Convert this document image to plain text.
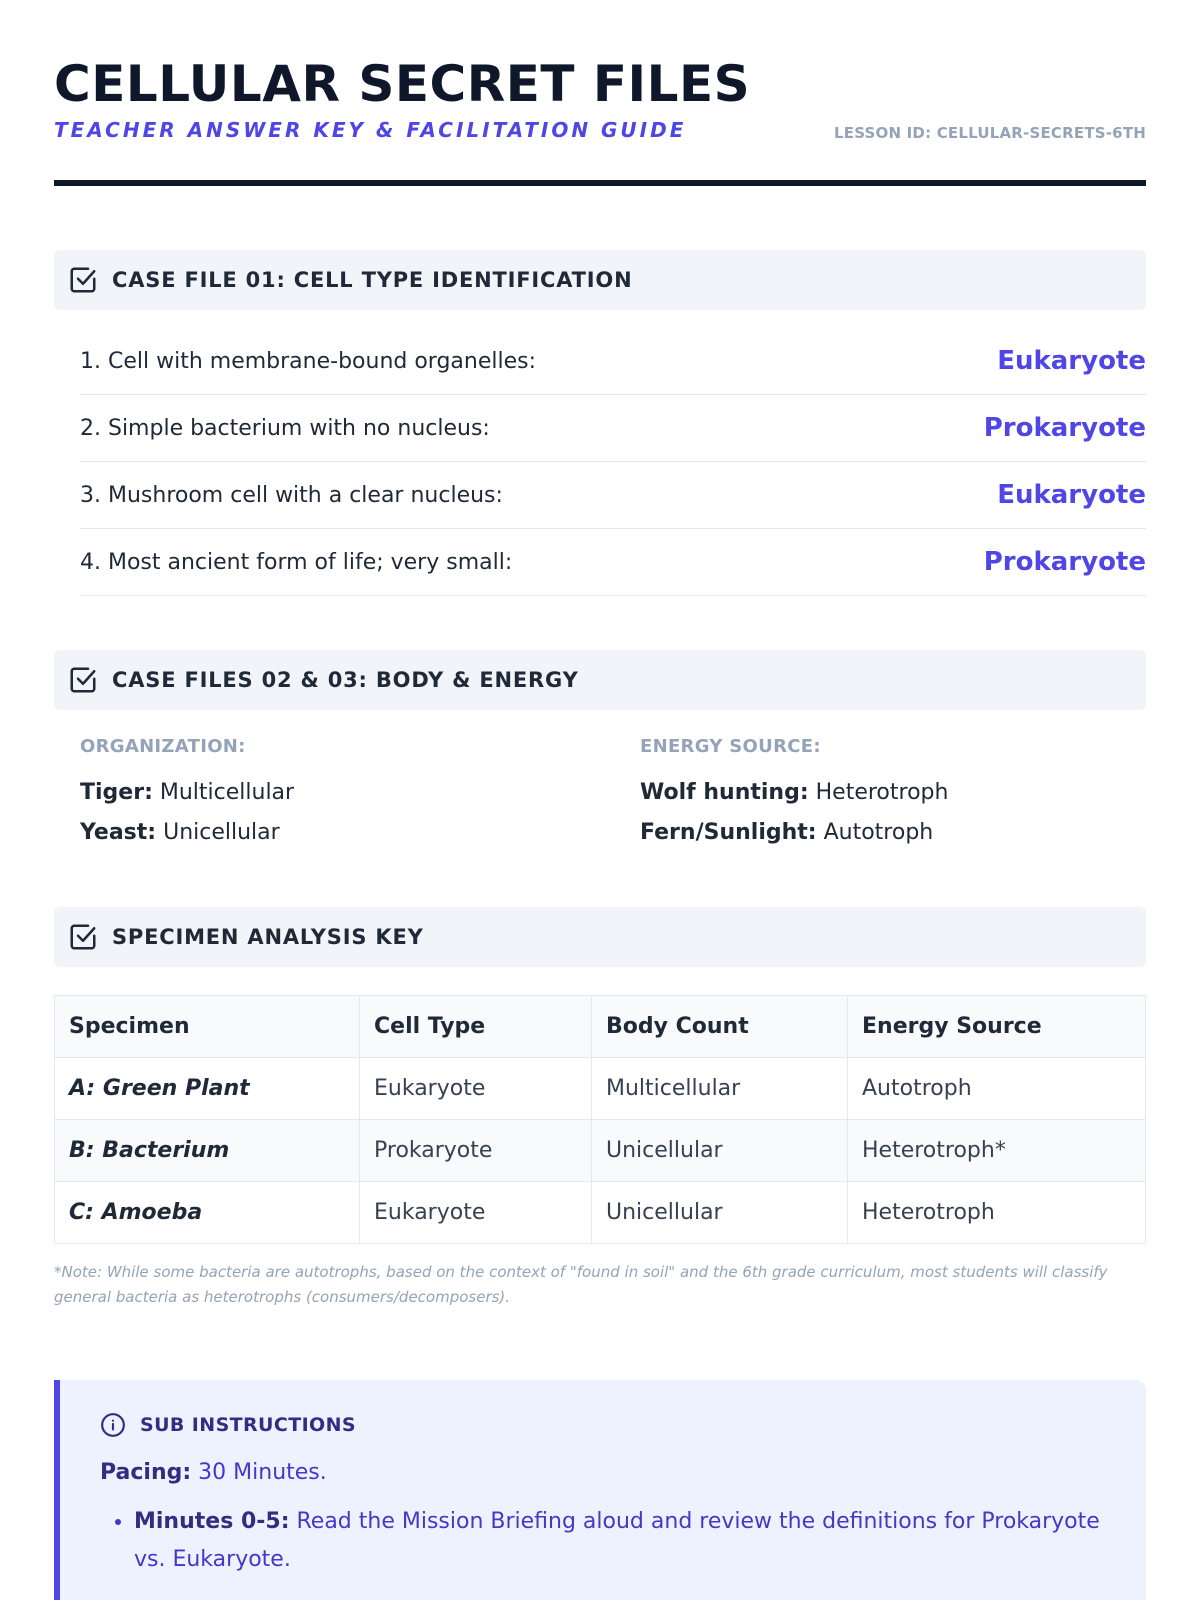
CELLULAR SECRET FILES
TEACHER ANSWER KEY & FACILITATION GUIDE	LESSON ID: CELLULAR-SECRETS-6TH
CASE FILE 01: CELL TYPE IDENTIFICATION
1. Cell with membrane-bound organelles:	Eukaryote
2. Simple bacterium with no nucleus:	Prokaryote
3. Mushroom cell with a clear nucleus:	Eukaryote
4. Most ancient form of life; very small:	Prokaryote
CASE FILES 02 & 03: BODY & ENERGY
ORGANIZATION:
Tiger: Multicellular
Yeast: Unicellular
ENERGY SOURCE:
Wolf hunting: Heterotroph
Fern/Sunlight: Autotroph
SPECIMEN ANALYSIS KEY
Specimen	Cell Type	Body Count	Energy Source
A: Green Plant	Eukaryote	Multicellular	Autotroph
B: Bacterium	Prokaryote	Unicellular	Heterotroph*
C: Amoeba	Eukaryote	Unicellular	Heterotroph
*Note: While some bacteria are autotrophs, based on the context of "found in soil" and the 6th grade curriculum, most students will classify general bacteria as heterotrophs (consumers/decomposers).
SUB INSTRUCTIONS
Pacing: 30 Minutes.
• Minutes 0-5: Read the Mission Briefing aloud and review the definitions for Prokaryote vs. Eukaryote.
